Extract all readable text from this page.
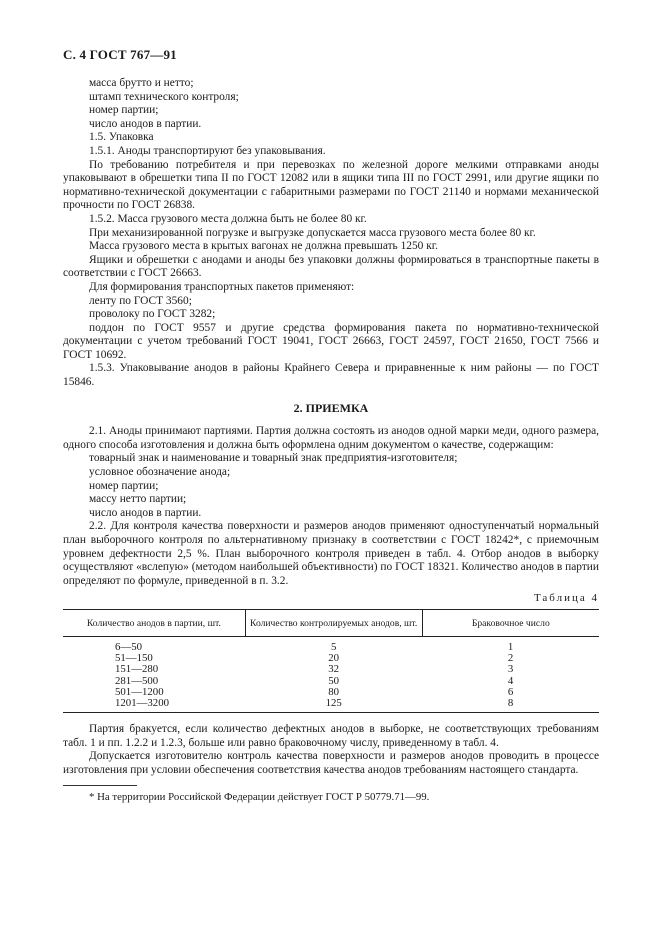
С. 4 ГОСТ 767—91

масса брутто и нетто;

штамп технического контроля;

номер партии;

число анодов в партии.

1.5. Упаковка

1.5.1. Аноды транспортируют без упаковывания.

По требованию потребителя и при перевозках по железной дороге мелкими отправками аноды упаковывают в обрешетки типа II по ГОСТ 12082 или в ящики типа III по ГОСТ 2991, или другие ящики по нормативно-технической документации с габаритными размерами по ГОСТ 21140 и нормами механической прочности по ГОСТ 26838.

1.5.2. Масса грузового места должна быть не более 80 кг.

При механизированной погрузке и выгрузке допускается масса грузового места более 80 кг.

Масса грузового места в крытых вагонах не должна превышать 1250 кг.

Ящики и обрешетки с анодами и аноды без упаковки должны формироваться в транспортные пакеты в соответствии с ГОСТ 26663.

Для формирования транспортных пакетов применяют:

ленту по ГОСТ 3560;

проволоку по ГОСТ 3282;

поддон по ГОСТ 9557 и другие средства формирования пакета по нормативно-технической документации с учетом требований ГОСТ 19041, ГОСТ 26663, ГОСТ 24597, ГОСТ 21650, ГОСТ 7566 и ГОСТ 10692.

1.5.3. Упаковывание анодов в районы Крайнего Севера и приравненные к ним районы — по ГОСТ 15846.

2. ПРИЕМКА

2.1. Аноды принимают партиями. Партия должна состоять из анодов одной марки меди, одного размера, одного способа изготовления и должна быть оформлена одним документом о качестве, содержащим:

товарный знак и наименование и товарный знак предприятия-изготовителя;

условное обозначение анода;

номер партии;

массу нетто партии;

число анодов в партии.

2.2. Для контроля качества поверхности и размеров анодов применяют одноступенчатый нормальный план выборочного контроля по альтернативному признаку в соответствии с ГОСТ 18242*, с приемочным уровнем дефектности 2,5 %. План выборочного контроля приведен в табл. 4. Отбор анодов в выборку осуществляют «вслепую» (методом наибольшей объективности) по ГОСТ 18321. Количество анодов в партии определяют по формуле, приведенной в п. 3.2.

Таблица 4
Количество анодов в партии, шт.	Количество контролируемых анодов, шт.	Браковочное число
6—50	5	1
51—150	20	2
151—280	32	3
281—500	50	4
501—1200	80	6
1201—3200	125	8

Партия бракуется, если количество дефектных анодов в выборке, не соответствующих требованиям табл. 1 и пп. 1.2.2 и 1.2.3, больше или равно браковочному числу, приведенному в табл. 4.

Допускается изготовителю контроль качества поверхности и размеров анодов проводить в процессе изготовления при условии обеспечения соответствия качества анодов требованиям настоящего стандарта.

* На территории Российской Федерации действует ГОСТ Р 50779.71—99.
